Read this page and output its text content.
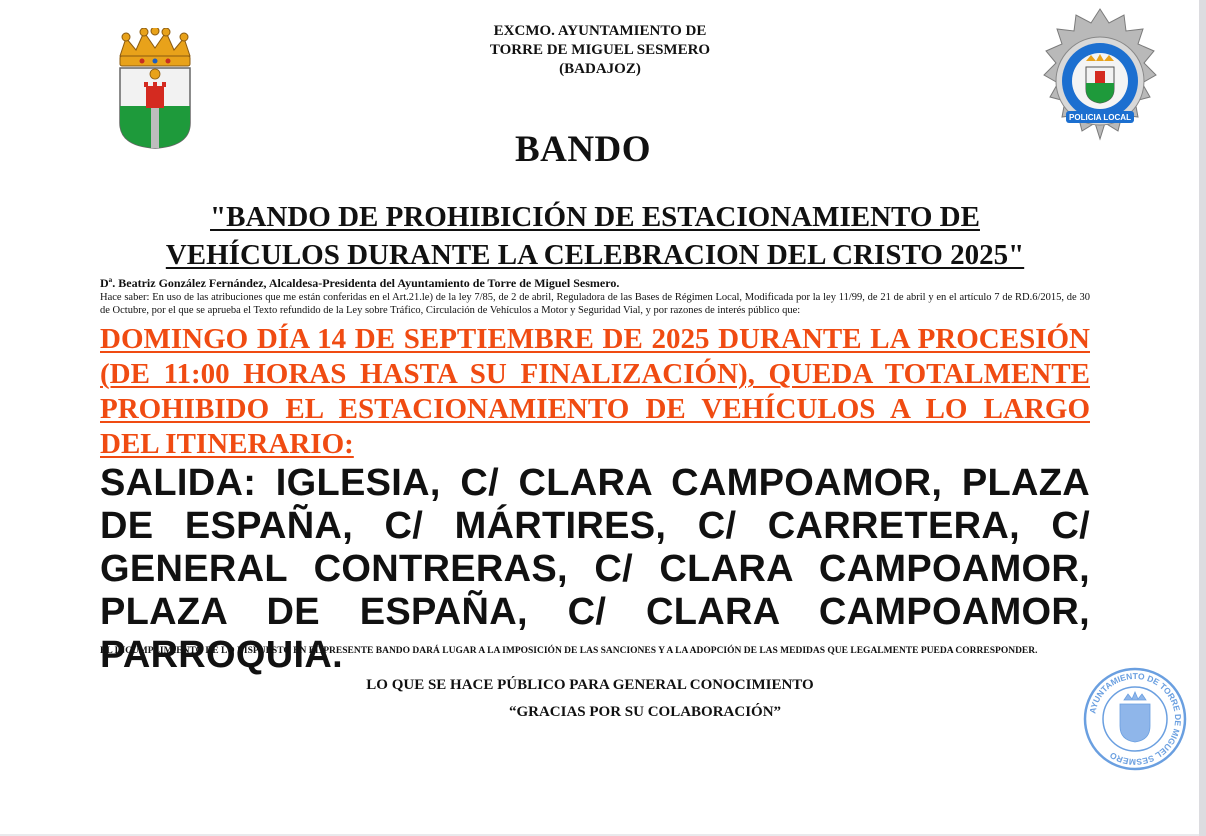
EXCMO. AYUNTAMIENTO DE
TORRE DE MIGUEL SESMERO
(BADAJOZ)
POLICIA LOCAL
BANDO
"BANDO DE PROHIBICIÓN DE ESTACIONAMIENTO DE
VEHÍCULOS DURANTE LA CELEBRACION DEL CRISTO 2025"
Dª. Beatriz González Fernández, Alcaldesa-Presidenta del Ayuntamiento de Torre de Miguel Sesmero.
Hace saber: En uso de las atribuciones que me están conferidas en el Art.21.le) de la ley 7/85, de 2 de abril, Reguladora de las Bases de Régimen Local, Modificada por la ley 11/99, de 21 de abril y en el artículo 7 de RD.6/2015, de 30 de Octubre, por el que se aprueba el Texto refundido de la Ley sobre Tráfico, Circulación de Vehículos a Motor y Seguridad Vial, y por razones de interés público que:
DOMINGO DÍA 14 DE SEPTIEMBRE DE 2025 DURANTE LA PROCESIÓN (DE 11:00 HORAS HASTA SU FINALIZACIÓN), QUEDA TOTALMENTE PROHIBIDO EL ESTACIONAMIENTO DE VEHÍCULOS A LO LARGO DEL ITINERARIO:
SALIDA: IGLESIA, C/ CLARA CAMPOAMOR, PLAZA DE ESPAÑA, C/ MÁRTIRES, C/ CARRETERA, C/ GENERAL CONTRERAS, C/ CLARA CAMPOAMOR, PLAZA DE ESPAÑA, C/ CLARA CAMPOAMOR, PARROQUIA.
EL INCUMPLIMIENTO DE LO DISPUESTO EN EL PRESENTE BANDO DARÁ LUGAR A LA IMPOSICIÓN DE LAS SANCIONES Y A LA ADOPCIÓN DE LAS MEDIDAS QUE LEGALMENTE PUEDA CORRESPONDER.
LO QUE SE HACE PÚBLICO PARA GENERAL CONOCIMIENTO
“GRACIAS POR SU COLABORACIÓN”	AYUNTAMIENTO DE TORRE DE MIGUEL SESMERO
